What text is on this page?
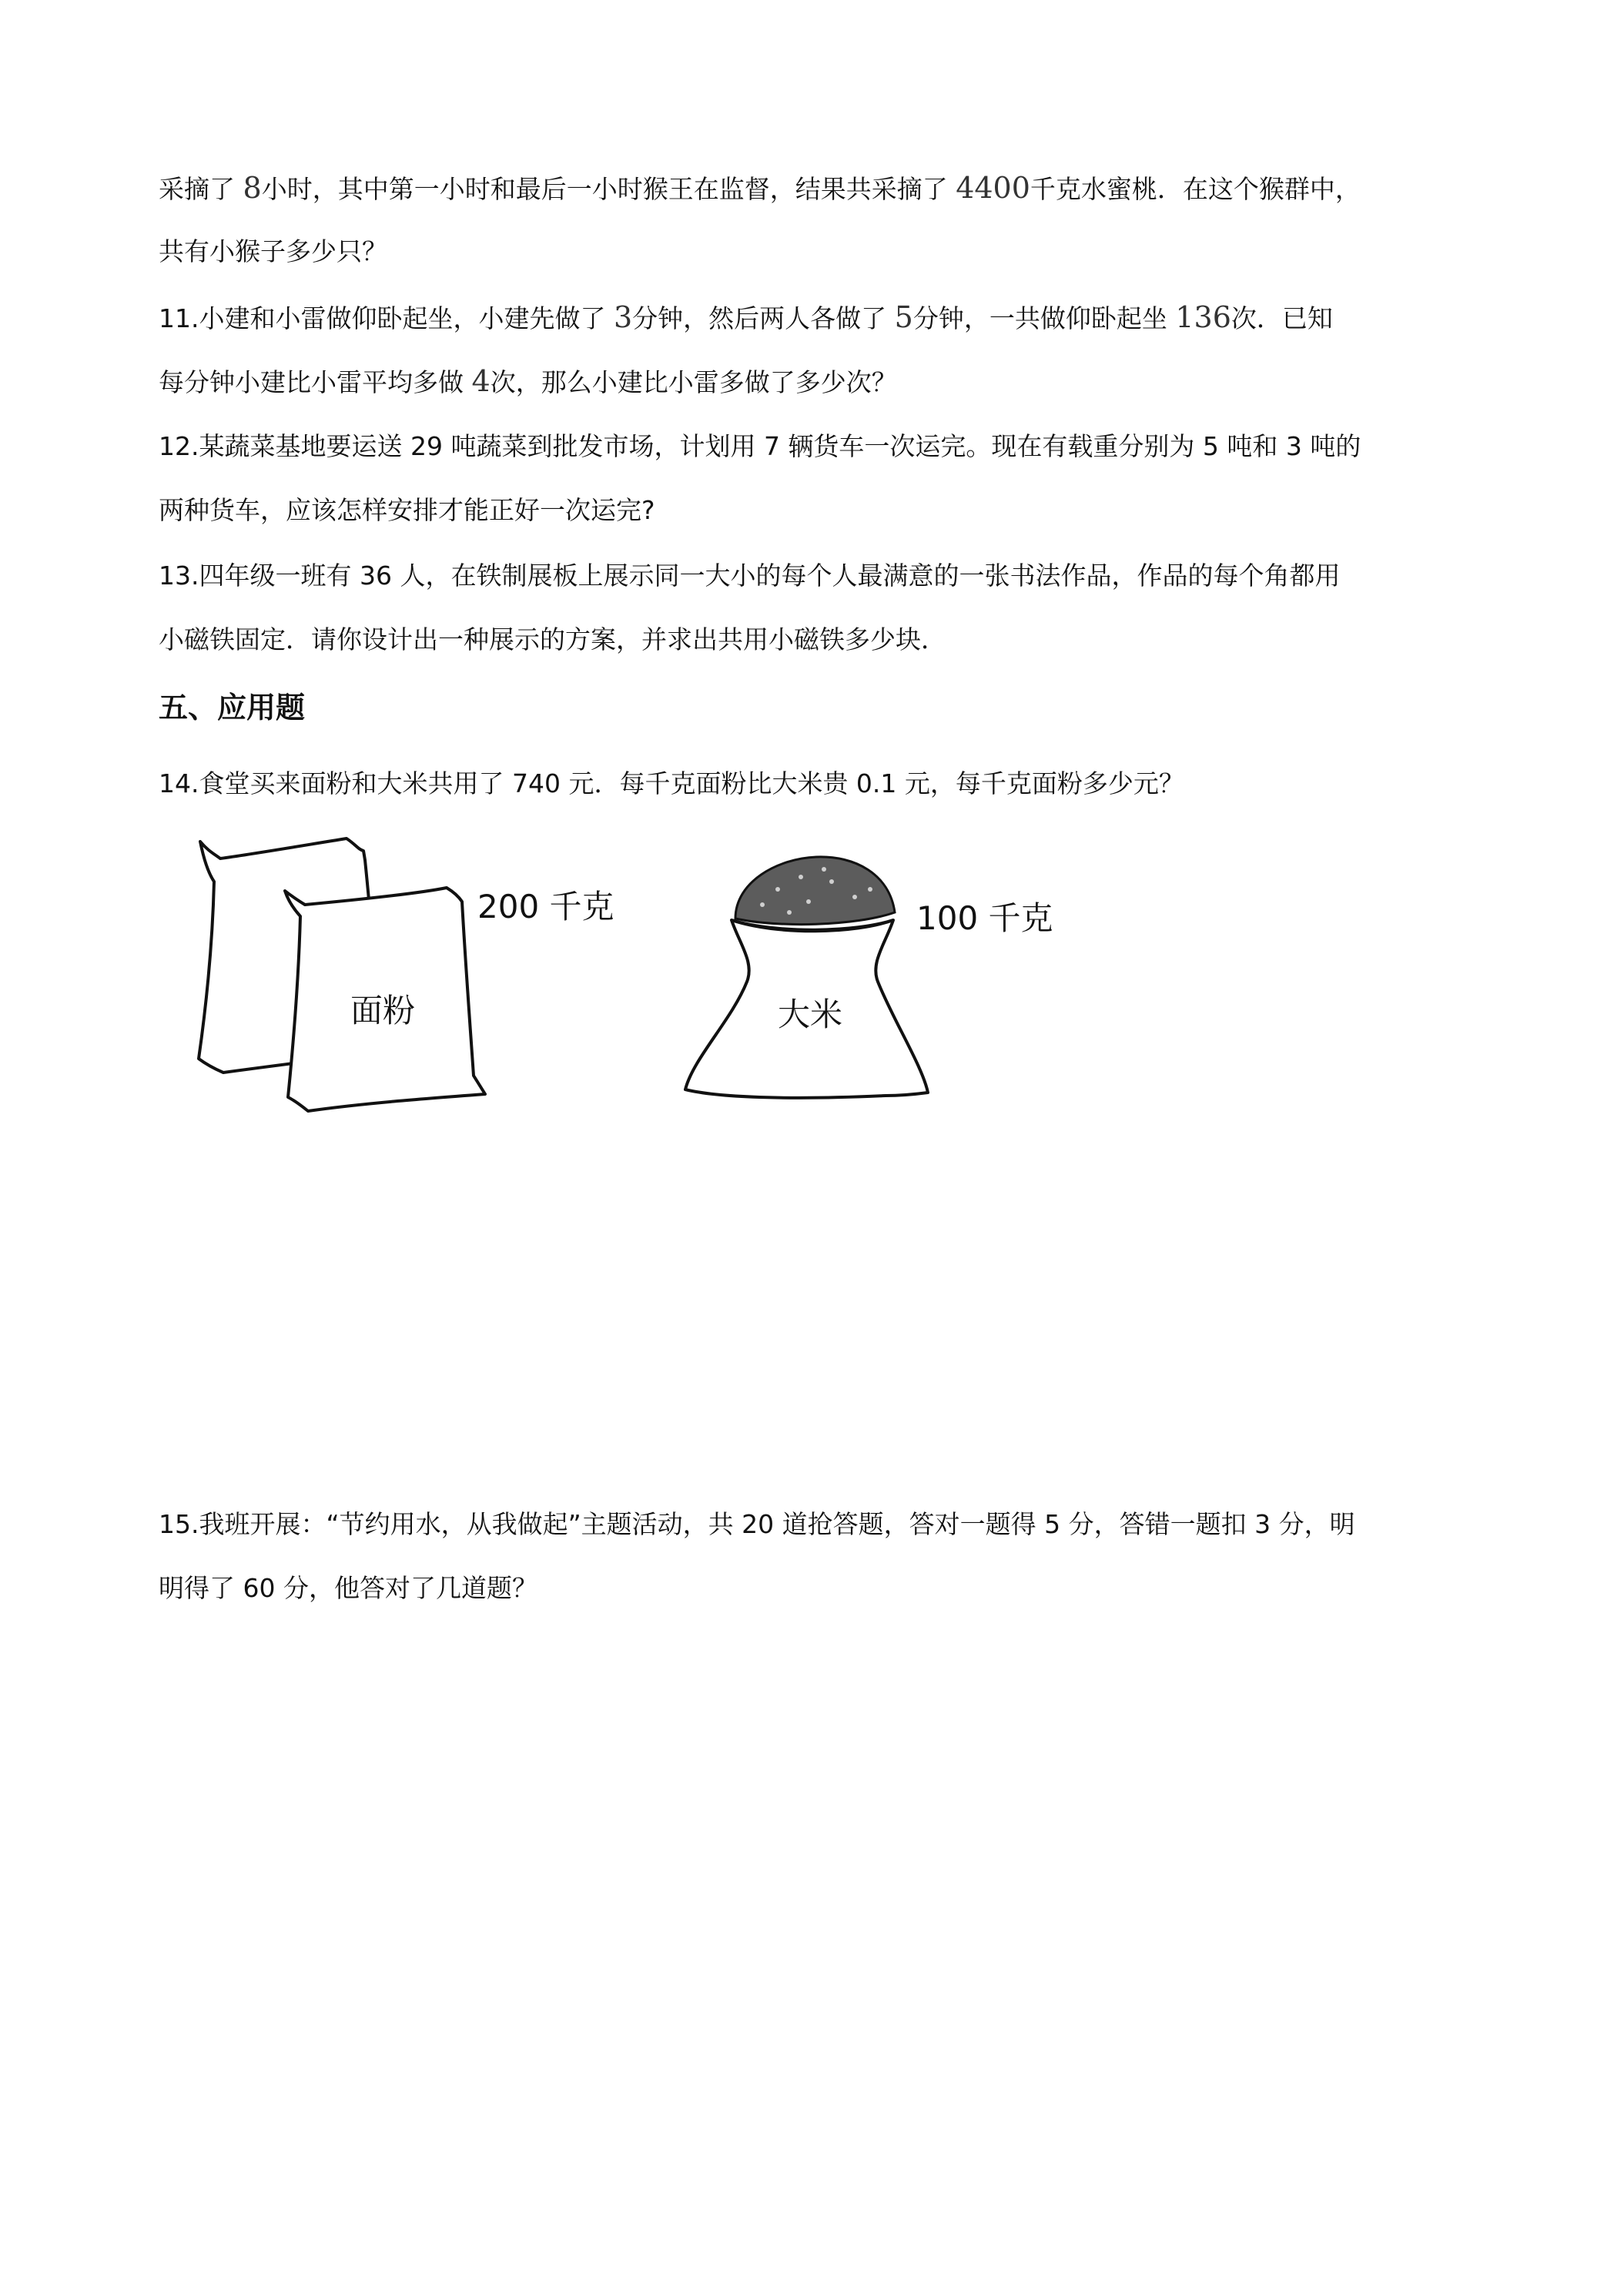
采摘了 8小时，其中第一小时和最后一小时猴王在监督，结果共采摘了 4400千克水蜜桃．在这个猴群中，
共有小猴子多少只？
11.小建和小雷做仰卧起坐，小建先做了 3分钟，然后两人各做了 5分钟，一共做仰卧起坐 136次．已知
每分钟小建比小雷平均多做 4次，那么小建比小雷多做了多少次？
12.某蔬菜基地要运送 29 吨蔬菜到批发市场，计划用 7 辆货车一次运完。现在有载重分别为 5 吨和 3 吨的
两种货车，应该怎样安排才能正好一次运完?
13.四年级一班有 36 人，在铁制展板上展示同一大小的每个人最满意的一张书法作品，作品的每个角都用
小磁铁固定．请你设计出一种展示的方案，并求出共用小磁铁多少块．
五、应用题
14.食堂买来面粉和大米共用了 740 元．每千克面粉比大米贵 0.1 元，每千克面粉多少元？
面粉
200 千克
大米
100 千克
15.我班开展：“节约用水，从我做起”主题活动，共 20 道抢答题，答对一题得 5 分，答错一题扣 3 分，明
明得了 60 分，他答对了几道题？
